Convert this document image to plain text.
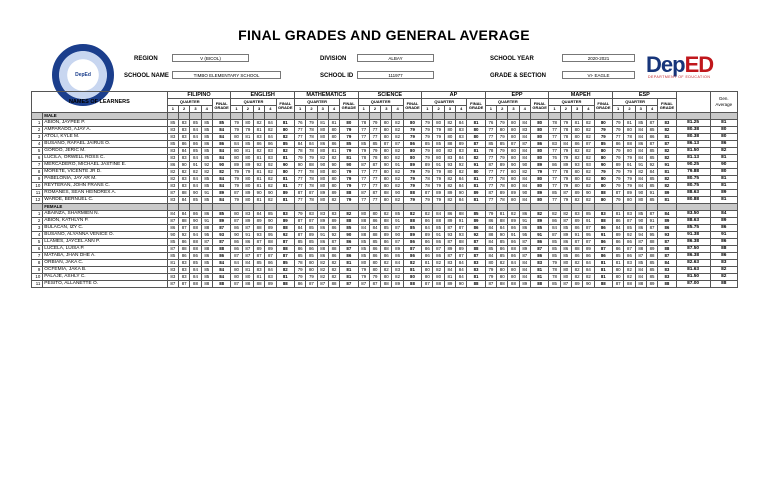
FINAL GRADES AND GENERAL AVERAGE
DepEd
REGION	V (BICOL)	DIVISION	ALBAY	SCHOOL YEAR	2020-2021
SCHOOL NAME	TIMBO ELEMENTARY SCHOOL	SCHOOL ID	111977	GRADE & SECTION	VI- EAGLE	DepED
DEPARTMENT OF EDUCATION
NAMES OF LEARNERS		FILIPINO					ENGLISH					MATHEMATICS					SCIENCE					AP					EPP					MAPEH					ESP						Gen. Average
		QUARTER				FINAL GRADE	QUARTER				FINAL GRADE	QUARTER				FINAL GRADE	QUARTER				FINAL GRADE	QUARTER				FINAL GRADE	QUARTER				FINAL GRADE	QUARTER				FINAL GRADE	QUARTER				FINAL GRADE		
		1	2	3	4		1	2	3	4		1	2	3	4		1	2	3	4		1	2	3	4		1	2	3	4		1	2	3	4		1	2	3	4			
	MALE																																										
1	ABION, JAYPEE P.	85	83	85	85	85	79	80	82	84	81	76	79	81	81	80	78	79	80	82	80	79	80	82	84	81	76	79	80	84	80	78	79	81	82	80	79	81	85	87	83	81.25	81
2	AMPARADO, AJAY A.	83	83	84	85	84	79	79	81	82	80	77	78	80	80	79	77	77	80	82	79	79	79	80	83	80	77	80	80	83	80	77	78	80	82	79	79	80	84	85	82	80.38	80
3	ATOLI, KYLE M.	83	83	84	85	84	80	81	83	84	82	77	78	80	80	79	77	77	80	82	79	79	79	80	83	80	77	79	80	84	80	77	78	80	82	79	77	78	84	86	81	80.38	80
4	BUSANO, RAFAEL JAIRUS O.	85	86	86	86	86	84	85	86	86	85	84	84	86	86	85	85	85	87	87	86	85	85	88	89	87	85	85	87	87	86	83	84	86	87	85	86	88	86	87	87	86.13	86
5	GORDO, JERIC M.	83	84	85	85	84	80	81	82	83	82	78	78	80	81	79	79	79	80	82	80	79	80	82	83	81	78	79	80	84	80	77	79	82	82	80	79	80	84	85	82	81.50	82
6	LUCILA, ORWELL ROSS C.	83	83	84	85	84	80	80	81	83	81	79	79	82	82	81	78	78	80	82	80	79	80	83	84	82	77	79	80	84	80	76	79	82	82	80	79	79	84	85	82	81.13	81
7	MERCADERO, MICHAEL JASTINE E.	86	90	91	92	90	89	89	92	92	90	90	88	90	90	90	87	87	90	91	89	89	91	93	92	91	87	89	90	90	89	86	89	93	93	90	89	91	91	92	91	90.25	90
8	MORETE, VICENTE JR D.	82	82	82	82	82	79	79	81	82	80	77	78	80	80	79	77	77	80	82	79	79	79	80	82	80	77	77	80	82	79	77	78	80	82	79	79	79	82	84	81	79.88	80
9	PABELONIA, JAY AR M.	82	83	84	85	84	79	80	81	82	81	77	78	80	80	79	77	77	80	82	79	78	79	82	84	81	77	78	80	84	80	77	79	80	82	80	79	79	84	85	82	80.75	81
10	REYTERAN, JOHN FRANS C.	83	83	84	85	84	79	80	81	82	81	77	78	80	80	79	77	77	80	82	79	78	79	82	84	81	77	78	80	84	80	77	79	80	82	80	79	79	84	85	82	80.75	81
11	ROMANES, SEAN HEINDREX A.	87	88	90	91	89	87	89	90	90	89	87	87	89	89	88	87	87	88	90	88	87	89	89	90	89	87	89	89	90	89	85	87	89	90	88	87	89	90	91	89	88.63	89
12	WARDE, BERNUEL C.	83	84	85	85	84	79	80	81	82	81	77	78	80	82	79	77	77	80	82	79	79	79	82	84	81	77	78	80	84	80	77	79	82	82	80	79	80	80	85	81	80.88	81
	FEMALE																																										
1	ABAINZA, SHARMIEN N.	84	84	86	86	85	80	83	84	85	83	79	83	83	83	82	80	80	82	85	82	82	84	86	88	85	79	81	82	86	82	82	82	83	85	83	81	83	85	87	84	83.50	84
2	ABION, KATHLYN P.	87	88	90	91	89	87	89	89	90	89	87	87	89	89	88	88	86	88	91	88	86	88	89	91	89	86	88	89	91	89	86	87	89	91	88	86	87	90	91	89	88.63	89
3	BULACAN, IZY C.	86	87	88	88	87	86	87	88	89	88	84	85	86	86	85	84	84	85	87	85	84	85	87	87	86	84	84	86	86	85	84	85	86	87	86	84	85	86	87	86	85.75	86
4	BUSANO, ALYANNA VENICE O.	90	92	94	95	93	90	91	93	95	92	87	89	91	92	90	88	88	89	90	89	89	91	93	93	92	88	90	91	95	91	87	89	91	95	91	89	92	94	95	93	91.38	91
5	LLAMES, JAYCEL ANN P.	85	86	88	87	87	86	86	87	88	87	85	85	86	87	86	85	85	86	87	86	86	86	87	88	87	84	85	86	87	86	85	86	87	87	86	86	86	87	88	87	86.38	86
6	LUCELA, LUISA P.	87	88	88	88	88	86	87	89	89	88	86	86	88	88	87	85	86	88	89	87	86	87	89	89	88	85	86	88	89	87	85	86	88	89	87	86	87	88	89	88	87.50	88
7	MATABA, JHAN DHE A.	85	86	86	86	86	87	87	87	87	87	85	85	86	86	86	85	86	86	86	86	86	86	87	87	87	84	85	86	87	86	85	85	86	86	86	85	86	87	88	87	86.38	86
8	ORBIAN, JAKA C.	81	83	85	85	84	84	84	85	86	85	78	80	82	82	81	80	80	82	84	82	81	82	83	84	83	80	82	84	84	83	79	80	82	84	81	81	83	85	85	84	82.63	83
9	OCFEMIA, JAKA B.	83	83	84	85	84	80	81	83	84	82	79	80	82	82	81	79	80	82	83	81	80	82	84	84	83	79	80	80	84	81	78	80	82	84	81	80	82	84	85	83	81.63	82
10	PALAJE, ASHLY C.	83	83	84	85	84	80	80	81	83	81	79	79	82	82	81	79	79	80	82	80	80	80	81	84	81	79	80	80	84	81	78	80	82	82	81	80	82	84	85	83	81.50	82
11	PESITO, ALLANETTE O.	87	87	88	88	88	87	88	88	89	88	86	87	87	88	87	87	87	88	89	88	87	88	89	90	88	87	88	88	89	88	85	87	89	90	88	87	88	88	89	88	87.00	88
